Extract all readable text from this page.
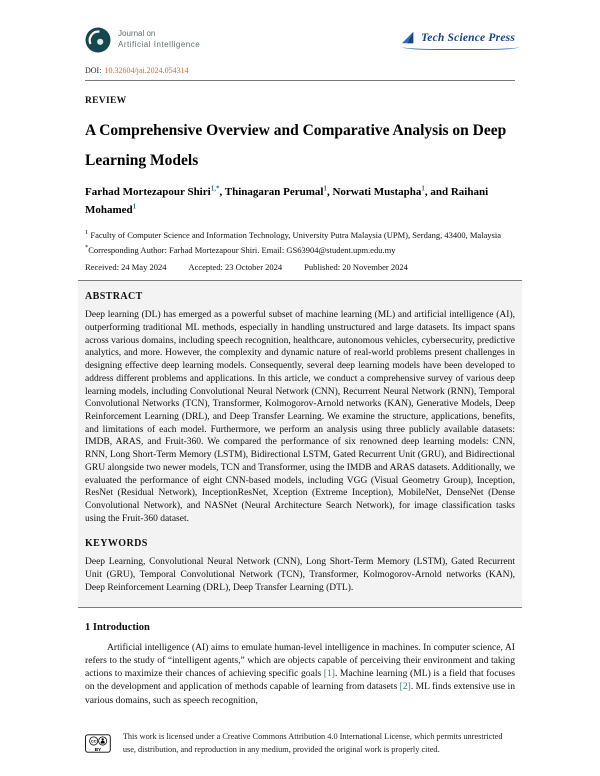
Journal on
Artificial Intelligence
Tech Science Press
DOI: 10.32604/jai.2024.054314
REVIEW
A Comprehensive Overview and Comparative Analysis on Deep Learning Models
Farhad Mortezapour Shiri$^{1,*}$, Thinagaran Perumal$^1$, Norwati Mustapha$^1$, and Raihani Mohamed$^1$
$^1$ Faculty of Computer Science and Information Technology, University Putra Malaysia (UPM), Serdang, 43400, Malaysia
*Corresponding Author: Farhad Mortezapour Shiri. Email: GS63904@student.upm.edu.my
Received: 24 May 2024	Accepted: 23 October 2024	Published: 20 November 2024
ABSTRACT

Deep learning (DL) has emerged as a powerful subset of machine learning (ML) and artificial intelligence (AI), outperforming traditional ML methods, especially in handling unstructured and large datasets. Its impact spans across various domains, including speech recognition, healthcare, autonomous vehicles, cybersecurity, predictive analytics, and more. However, the complexity and dynamic nature of real-world problems present challenges in designing effective deep learning models. Consequently, several deep learning models have been developed to address different problems and applications. In this article, we conduct a comprehensive survey of various deep learning models, including Convolutional Neural Network (CNN), Recurrent Neural Network (RNN), Temporal Convolutional Networks (TCN), Transformer, Kolmogorov-Arnold networks (KAN), Generative Models, Deep Reinforcement Learning (DRL), and Deep Transfer Learning. We examine the structure, applications, benefits, and limitations of each model. Furthermore, we perform an analysis using three publicly available datasets: IMDB, ARAS, and Fruit-360. We compared the performance of six renowned deep learning models: CNN, RNN, Long Short-Term Memory (LSTM), Bidirectional LSTM, Gated Recurrent Unit (GRU), and Bidirectional GRU alongside two newer models, TCN and Transformer, using the IMDB and ARAS datasets. Additionally, we evaluated the performance of eight CNN-based models, including VGG (Visual Geometry Group), Inception, ResNet (Residual Network), InceptionResNet, Xception (Extreme Inception), MobileNet, DenseNet (Dense Convolutional Network), and NASNet (Neural Architecture Search Network), for image classification tasks using the Fruit-360 dataset.

KEYWORDS

Deep Learning, Convolutional Neural Network (CNN), Long Short-Term Memory (LSTM), Gated Recurrent Unit (GRU), Temporal Convolutional Network (TCN), Transformer, Kolmogorov-Arnold networks (KAN), Deep Reinforcement Learning (DRL), Deep Transfer Learning (DTL).

1 Introduction

Artificial intelligence (AI) aims to emulate human-level intelligence in machines. In computer science, AI refers to the study of “intelligent agents,” which are objects capable of perceiving their environment and taking actions to maximize their chances of achieving specific goals [1]. Machine learning (ML) is a field that focuses on the development and application of methods capable of learning from datasets [2]. ML finds extensive use in various domains, such as speech recognition,

CC
BY
This work is licensed under a Creative Commons Attribution 4.0 International License, which permits unrestricted use, distribution, and reproduction in any medium, provided the original work is properly cited.
